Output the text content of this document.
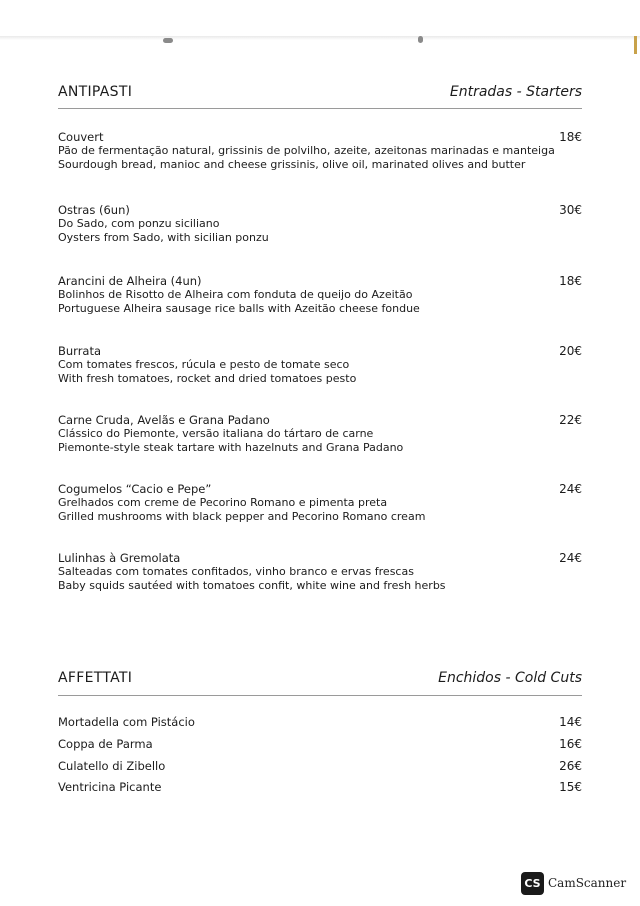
ANTIPASTI	Entradas - Starters
Couvert
Pão de fermentação natural, grissinis de polvilho, azeite, azeitonas marinadas e manteiga
Sourdough bread, manioc and cheese grissinis, olive oil, marinated olives and butter
18€
Ostras (6un)
Do Sado, com ponzu siciliano
Oysters from Sado, with sicilian ponzu
30€
Arancini de Alheira (4un)
Bolinhos de Risotto de Alheira com fonduta de queijo do Azeitão
Portuguese Alheira sausage rice balls with Azeitão cheese fondue
18€
Burrata
Com tomates frescos, rúcula e pesto de tomate seco
With fresh tomatoes, rocket and dried tomatoes pesto
20€
Carne Cruda, Avelãs e Grana Padano
Clássico do Piemonte, versão italiana do tártaro de carne
Piemonte-style steak tartare with hazelnuts and Grana Padano
22€
Cogumelos “Cacio e Pepe”
Grelhados com creme de Pecorino Romano e pimenta preta
Grilled mushrooms with black pepper and Pecorino Romano cream
24€
Lulinhas à Gremolata
Salteadas com tomates confitados, vinho branco e ervas frescas
Baby squids sautéed with tomatoes confit, white wine and fresh herbs
24€
AFFETTATI	Enchidos - Cold Cuts
Mortadella com Pistácio	14€
Coppa de Parma	16€
Culatello di Zibello	26€
Ventricina Picante	15€
CS CamScanner
